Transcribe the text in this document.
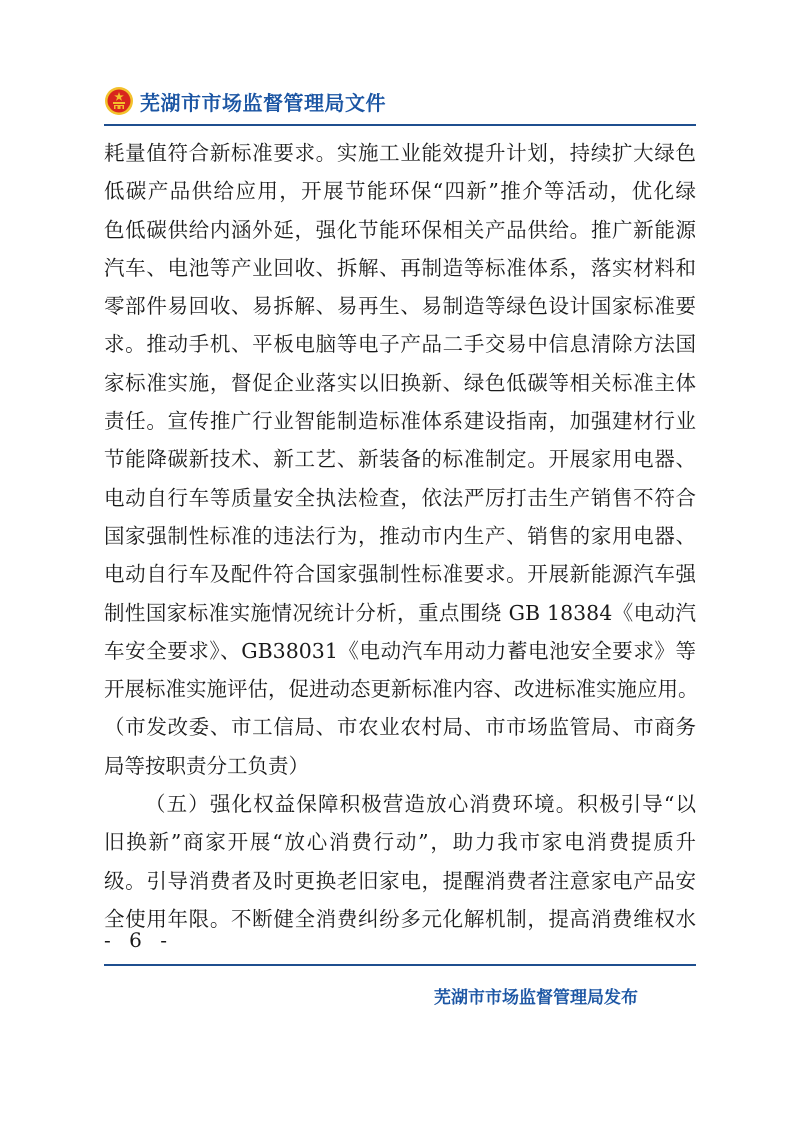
芜湖市市场监督管理局文件
耗量值符合新标准要求。实施工业能效提升计划，持续扩大绿色
低碳产品供给应用，开展节能环保“四新”推介等活动，优化绿
色低碳供给内涵外延，强化节能环保相关产品供给。推广新能源
汽车、电池等产业回收、拆解、再制造等标准体系，落实材料和
零部件易回收、易拆解、易再生、易制造等绿色设计国家标准要
求。推动手机、平板电脑等电子产品二手交易中信息清除方法国
家标准实施，督促企业落实以旧换新、绿色低碳等相关标准主体
责任。宣传推广行业智能制造标准体系建设指南，加强建材行业
节能降碳新技术、新工艺、新装备的标准制定。开展家用电器、
电动自行车等质量安全执法检查，依法严厉打击生产销售不符合
国家强制性标准的违法行为，推动市内生产、销售的家用电器、
电动自行车及配件符合国家强制性标准要求。开展新能源汽车强
制性国家标准实施情况统计分析，重点围绕 GB 18384《电动汽
车安全要求》、GB38031《电动汽车用动力蓄电池安全要求》等
开展标准实施评估，促进动态更新标准内容、改进标准实施应用。
（市发改委、市工信局、市农业农村局、市市场监管局、市商务
局等按职责分工负责）
（五）强化权益保障积极营造放心消费环境。积极引导“以
旧换新”商家开展“放心消费行动”，助力我市家电消费提质升
级。引导消费者及时更换老旧家电，提醒消费者注意家电产品安
全使用年限。不断健全消费纠纷多元化解机制，提高消费维权水
- 6 -
芜湖市市场监督管理局发布
